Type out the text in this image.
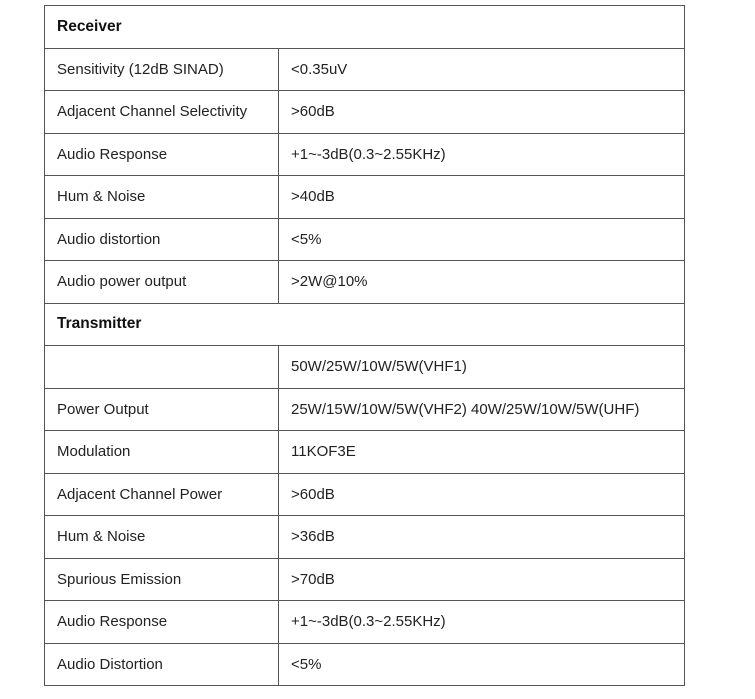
Receiver	
Sensitivity (12dB SINAD)	<0.35uV
Adjacent Channel Selectivity	>60dB
Audio Response	+1~-3dB(0.3~2.55KHz)
Hum & Noise	>40dB
Audio distortion	<5%
Audio power output	>2W@10%
Transmitter	
	50W/25W/10W/5W(VHF1)
Power Output	25W/15W/10W/5W(VHF2) 40W/25W/10W/5W(UHF)
Modulation	11KOF3E
Adjacent Channel Power	>60dB
Hum & Noise	>36dB
Spurious Emission	>70dB
Audio Response	+1~-3dB(0.3~2.55KHz)
Audio Distortion	<5%
